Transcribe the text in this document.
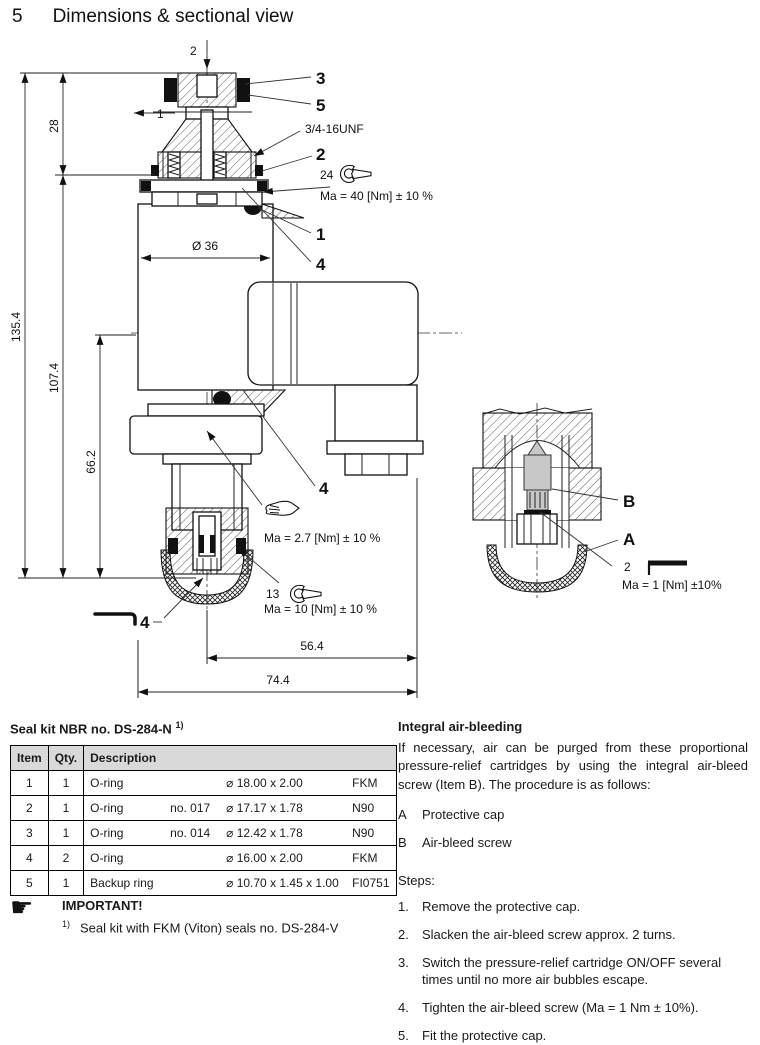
5 Dimensions & sectional view
B
A
2
Ma = 1 [Nm] ±10%
135.4
28
107.4
66.2
Ø 36
56.4
74.4
2
1
3
5
3/4-16UNF
2
24
Ma = 40 [Nm] ± 10 %
1
4
4
Ma = 2.7 [Nm] ± 10 %
13
Ma = 10 [Nm] ± 10 %
4
Seal kit NBR no. DS-284-N $^{1)}$
Item	Qty.	Description
1	1	O-ring ⌀ 18.00 x 2.00 FKM

2	1	O-ring no. 017 ⌀ 17.17 x 1.78 N90

3	1	O-ring no. 014 ⌀ 12.42 x 1.78 N90

4	2	O-ring ⌀ 16.00 x 2.00 FKM

5	1	Backup ring ⌀ 10.70 x 1.45 x 1.00 FI0751
☛	IMPORTANT!
$^{1)}$ Seal kit with FKM (Viton) seals no. DS-284-V
Integral air-bleeding

If necessary, air can be purged from these proportional pressure-relief cartridges by using the integral air-bleed screw (Item B). The procedure is as follows:

A	Protective cap
B	Air-bleed screw
Steps:
1.	Remove the protective cap.
2.	Slacken the air-bleed screw approx. 2 turns.
3.	Switch the pressure-relief cartridge ON/OFF several times until no more air bubbles escape.
4.	Tighten the air-bleed screw (Ma = 1 Nm ± 10%).
5.	Fit the protective cap.
